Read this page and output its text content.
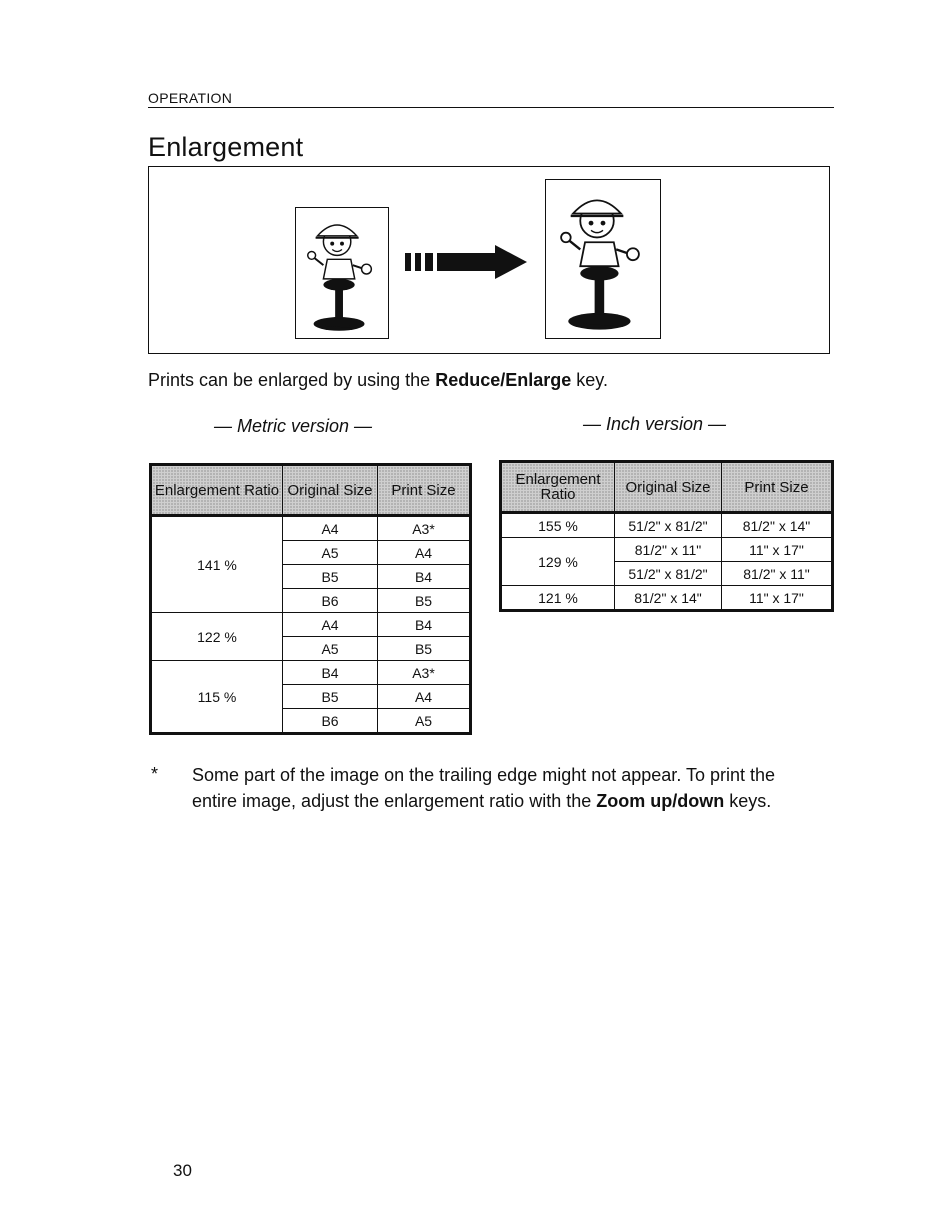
OPERATION
Enlargement

Prints can be enlarged by using the Reduce/Enlarge key.

— Metric version —	— Inch version —
Enlargement Ratio	Original Size	Print Size
141 %	A4	A3*
	A5	A4
	B5	B4
	B6	B5
122 %	A4	B4
	A5	B5
115 %	B4	A3*
	B5	A4
	B6	A5
Enlargement Ratio	Original Size	Print Size
155 %	51/2" x 81/2"	81/2" x 14"
129 %	81/2" x 11"	11" x 17"
	51/2" x 81/2"	81/2" x 11"
121 %	81/2" x 14"	11" x 17"
* Some part of the image on the trailing edge might not appear. To print the entire image, adjust the enlargement ratio with the Zoom up/down keys.

30
